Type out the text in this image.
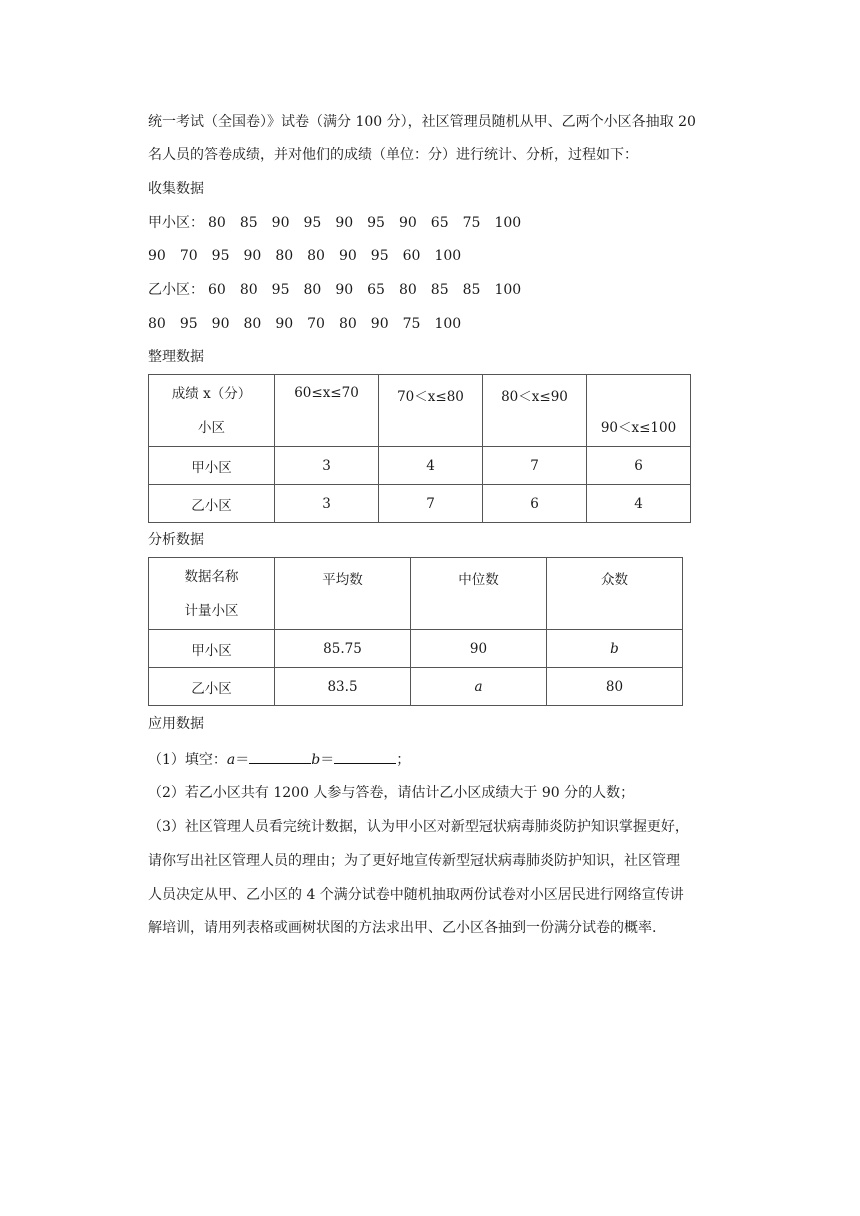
统一考试（全国卷）》试卷（满分 100 分），社区管理员随机从甲、乙两个小区各抽取 20
名人员的答卷成绩，并对他们的成绩（单位：分）进行统计、分析，过程如下：
收集数据
甲小区： 80 85 90 95 90 95 90 65 75 100
90 70 95 90 80 80 90 95 60 100
乙小区： 60 80 95 80 90 65 80 85 85 100
80 95 90 80 90 70 80 90 75 100
整理数据
成绩 x（分）
小区	60≤x≤70	70＜x≤80	80＜x≤90	90＜x≤100
甲小区	3	4	7	6
乙小区	3	7	6	4
分析数据
数据名称
计量小区	平均数	中位数	众数
甲小区	85.75	90	b
乙小区	83.5	a	80
应用数据
（1）填空：a＝	b＝	；
（2）若乙小区共有 1200 人参与答卷，请估计乙小区成绩大于 90 分的人数；
（3）社区管理人员看完统计数据，认为甲小区对新型冠状病毒肺炎防护知识掌握更好，
请你写出社区管理人员的理由；为了更好地宣传新型冠状病毒肺炎防护知识，社区管理
人员决定从甲、乙小区的 4 个满分试卷中随机抽取两份试卷对小区居民进行网络宣传讲
解培训，请用列表格或画树状图的方法求出甲、乙小区各抽到一份满分试卷的概率.
